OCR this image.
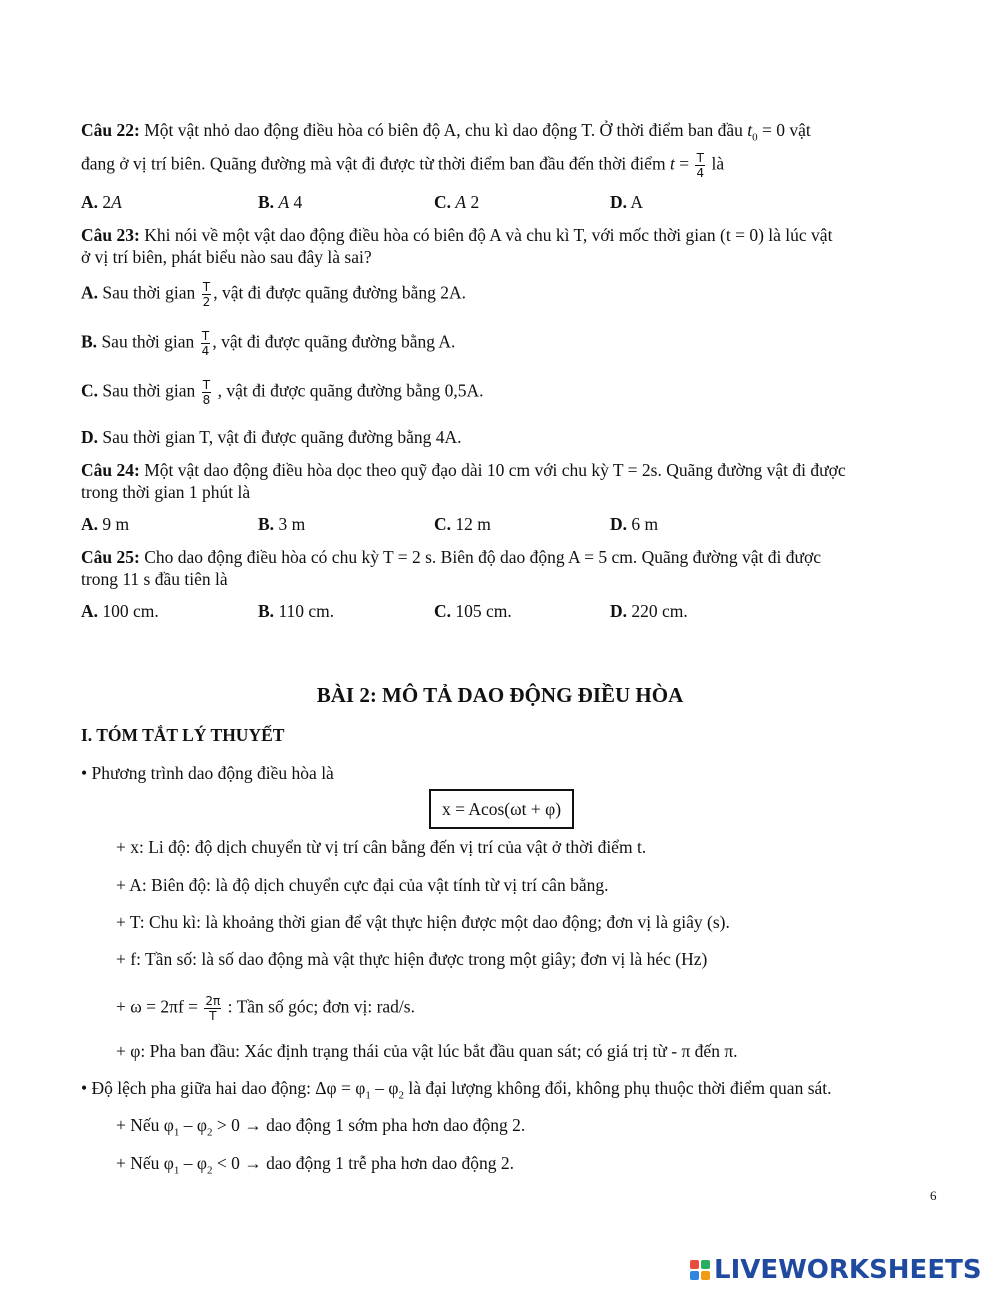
Câu 22: Một vật nhỏ dao động điều hòa có biên độ A, chu kì dao động T. Ở thời điểm ban đầu $t_0 = 0$ vật
đang ở vị trí biên. Quãng đường mà vật đi được từ thời điểm ban đầu đến thời điểm $t = \frac{T}{4}$ là
A. 2A	B. A 4	C. A 2	D. A
Câu 23: Khi nói về một vật dao động điều hòa có biên độ A và chu kì T, với mốc thời gian (t = 0) là lúc vật
ở vị trí biên, phát biểu nào sau đây là sai?
A. Sau thời gian $\frac{T}{2}$ , vật đi được quãng đường bằng 2A.
B. Sau thời gian $\frac{T}{4}$ , vật đi được quãng đường bằng A.
C. Sau thời gian $\frac{T}{8}$ , vật đi được quãng đường bằng 0,5A.
D. Sau thời gian T, vật đi được quãng đường bằng 4A.
Câu 24: Một vật dao động điều hòa dọc theo quỹ đạo dài 10 cm với chu kỳ T = 2s. Quãng đường vật đi được
trong thời gian 1 phút là
A. 9 m	B. 3 m	C. 12 m	D. 6 m
Câu 25: Cho dao động điều hòa có chu kỳ T = 2 s. Biên độ dao động A = 5 cm. Quãng đường vật đi được
trong 11 s đầu tiên là
A. 100 cm.	B. 110 cm.	C. 105 cm.	D. 220 cm.
BÀI 2: MÔ TẢ DAO ĐỘNG ĐIỀU HÒA
I. TÓM TẮT LÝ THUYẾT
• Phương trình dao động điều hòa là
x = Acos(ωt + φ)
+ x: Li độ: độ dịch chuyển từ vị trí cân bằng đến vị trí của vật ở thời điểm t.
+ A: Biên độ: là độ dịch chuyển cực đại của vật tính từ vị trí cân bằng.
+ T: Chu kì: là khoảng thời gian để vật thực hiện được một dao động; đơn vị là giây (s).
+ f: Tần số: là số dao động mà vật thực hiện được trong một giây; đơn vị là héc (Hz)
+ $\omega = 2\pi f = \frac{2\pi}{T}$ : Tần số góc; đơn vị: rad/s.
+ φ: Pha ban đầu: Xác định trạng thái của vật lúc bắt đầu quan sát; có giá trị từ - π đến π.
• Độ lệch pha giữa hai dao động: $\Delta\varphi = \varphi_1 - \varphi_2$ là đại lượng không đổi, không phụ thuộc thời điểm quan sát.
+ Nếu $\varphi_1 - \varphi_2 > 0$ → dao động 1 sớm pha hơn dao động 2.
+ Nếu $\varphi_1 - \varphi_2 < 0$ → dao động 1 trễ pha hơn dao động 2.
6
LIVEWORKSHEETS
